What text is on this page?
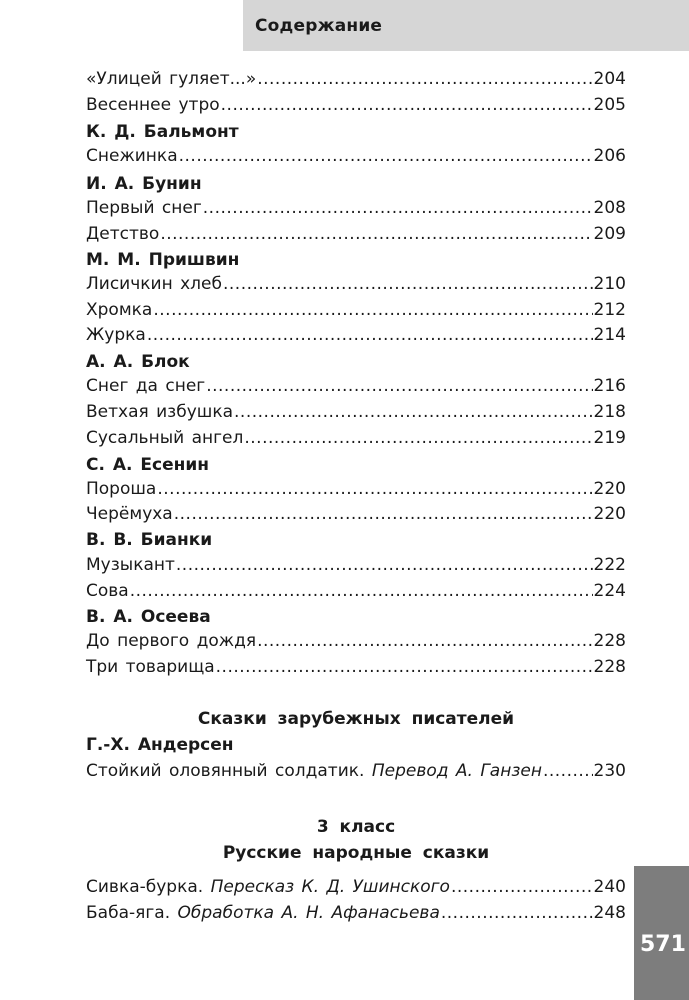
Содержание
«Улицей гуляет...» .....	204
Весеннее утро .....	205
К. Д. Бальмонт
Снежинка .....	206
И. А. Бунин
Первый снег .....	208
Детство .....	209
М. М. Пришвин
Лисичкин хлеб .....	210
Хромка .....	212
Журка .....	214
А. А. Блок
Снег да снег .....	216
Ветхая избушка .....	218
Сусальный ангел .....	219
С. А. Есенин
Пороша .....	220
Черёмуха .....	220
В. В. Бианки
Музыкант .....	222
Сова .....	224
В. А. Осеева
До первого дождя .....	228
Три товарища .....	228
Сказки зарубежных писателей
Г.-Х. Андерсен
Стойкий оловянный солдатик. Перевод А. Ганзен .....	230
3 класс
Русские народные сказки
Сивка-бурка. Пересказ К. Д. Ушинского .....	240
Баба-яга. Обработка А. Н. Афанасьева .....	248
571
